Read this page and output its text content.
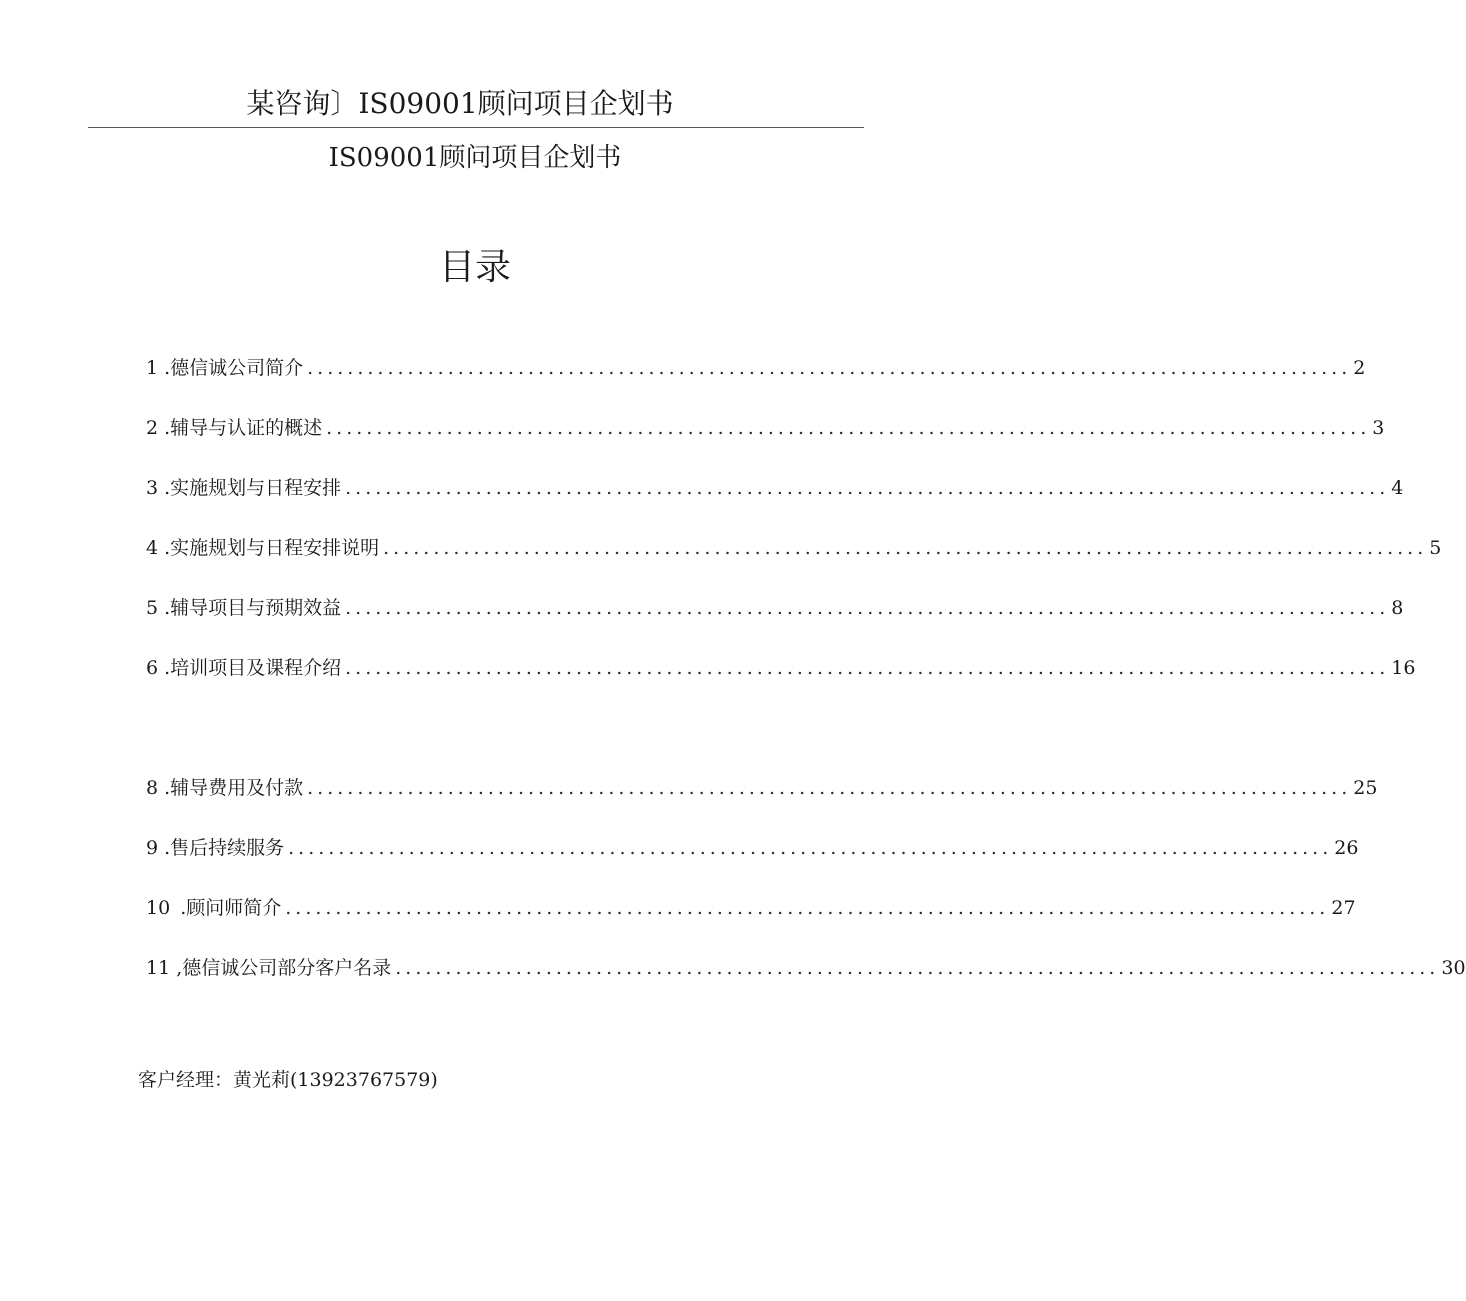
某咨询〕IS09001顾问项目企划书
IS09001顾问项目企划书
目录
1 .德信诚公司简介 ........................................................................................................ 2
2 .辅导与认证的概述 ........................................................................................................ 3
3 .实施规划与日程安排 ........................................................................................................ 4
4 .实施规划与日程安排说明 ........................................................................................................ 5
5 .辅导项目与预期效益 ........................................................................................................ 8
6 .培训项目及课程介绍 ........................................................................................................ 16
8 .辅导费用及付款 ........................................................................................................ 25
9 .售后持续服务 ........................................................................................................ 26
10 .顾问师简介 ........................................................................................................ 27
11 ,德信诚公司部分客户名录 ........................................................................................................ 30
客户经理：黄光莉(13923767579)
